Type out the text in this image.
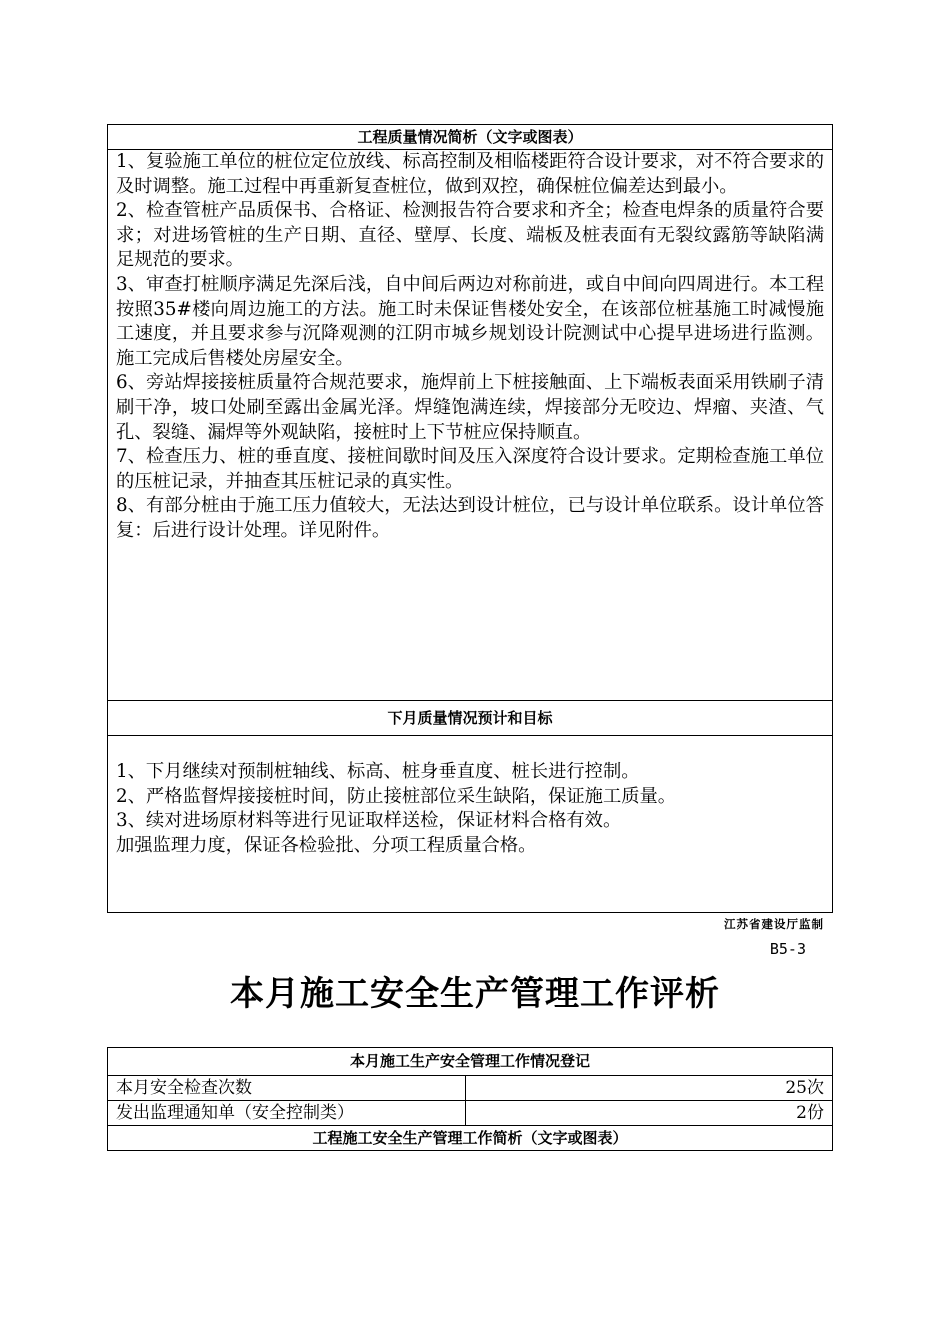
工程质量情况简析（文字或图表）

1、复验施工单位的桩位定位放线、标高控制及相临楼距符合设计要求，对不符合要求的及时调整。施工过程中再重新复查桩位，做到双控，确保桩位偏差达到最小。

2、检查管桩产品质保书、合格证、检测报告符合要求和齐全；检查电焊条的质量符合要求；对进场管桩的生产日期、直径、壁厚、长度、端板及桩表面有无裂纹露筋等缺陷满足规范的要求。

3、审查打桩顺序满足先深后浅，自中间后两边对称前进，或自中间向四周进行。本工程按照35#楼向周边施工的方法。施工时未保证售楼处安全，在该部位桩基施工时减慢施工速度，并且要求参与沉降观测的江阴市城乡规划设计院测试中心提早进场进行监测。施工完成后售楼处房屋安全。

6、旁站焊接接桩质量符合规范要求，施焊前上下桩接触面、上下端板表面采用铁刷子清刷干净，坡口处刷至露出金属光泽。焊缝饱满连续，焊接部分无咬边、焊瘤、夹渣、气孔、裂缝、漏焊等外观缺陷，接桩时上下节桩应保持顺直。

7、检查压力、桩的垂直度、接桩间歇时间及压入深度符合设计要求。定期检查施工单位的压桩记录，并抽查其压桩记录的真实性。

8、有部分桩由于施工压力值较大，无法达到设计桩位，已与设计单位联系。设计单位答复：后进行设计处理。详见附件。

下月质量情况预计和目标

1、下月继续对预制桩轴线、标高、桩身垂直度、桩长进行控制。

2、严格监督焊接接桩时间，防止接桩部位采生缺陷，保证施工质量。

3、续对进场原材料等进行见证取样送检，保证材料合格有效。

加强监理力度，保证各检验批、分项工程质量合格。

江苏省建设厅监制
B5-3
本月施工安全生产管理工作评析
本月施工生产安全管理工作情况登记
本月安全检查次数	25次
发出监理通知单（安全控制类）	2份
工程施工安全生产管理工作简析（文字或图表）
